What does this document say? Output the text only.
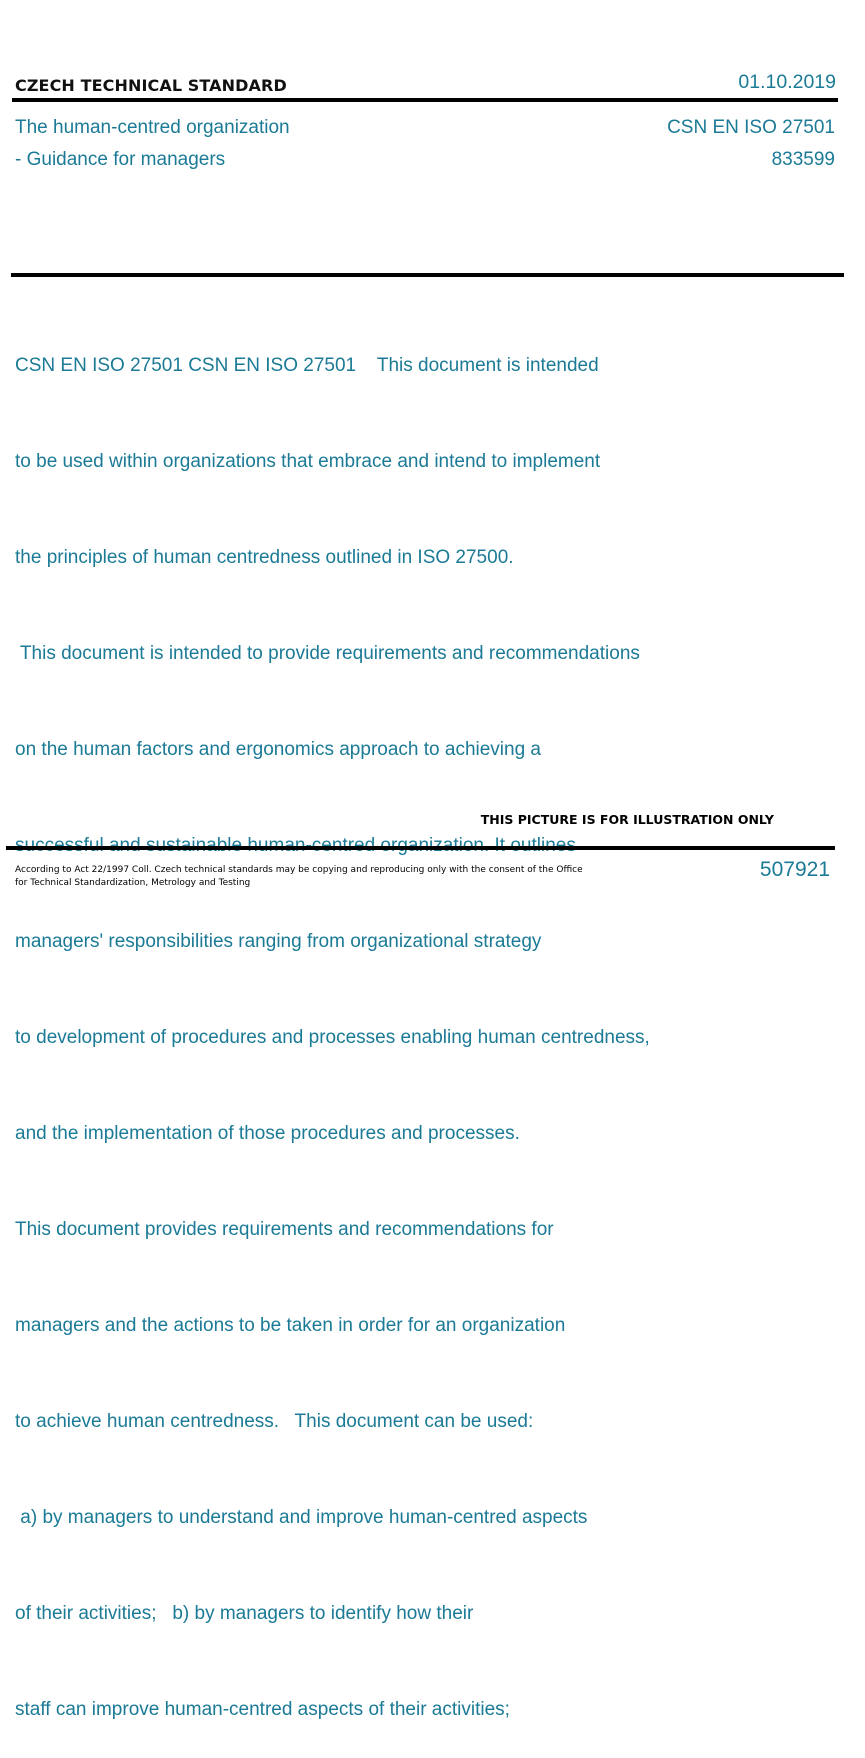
CZECH TECHNICAL STANDARD	01.10.2019
The human-centred organization
- Guidance for managers
CSN EN ISO 27501
833599

CSN EN ISO 27501 CSN EN ISO 27501    This document is intended

to be used within organizations that embrace and intend to implement

the principles of human centredness outlined in ISO 27500.

This document is intended to provide requirements and recommendations

on the human factors and ergonomics approach to achieving a

managers' responsibilities ranging from organizational strategy

to development of procedures and processes enabling human centredness,

and the implementation of those procedures and processes.

This document provides requirements and recommendations for

managers and the actions to be taken in order for an organization

to achieve human centredness.   This document can be used:

a) by managers to understand and improve human-centred aspects

of their activities;   b) by managers to identify how their

staff can improve human-centred aspects of their activities;

THIS PICTURE IS FOR ILLUSTRATION ONLY
According to Act 22/1997 Coll. Czech technical standards may be copying and reproducing only with the consent of the Office
for Technical Standardization, Metrology and Testing
507921
